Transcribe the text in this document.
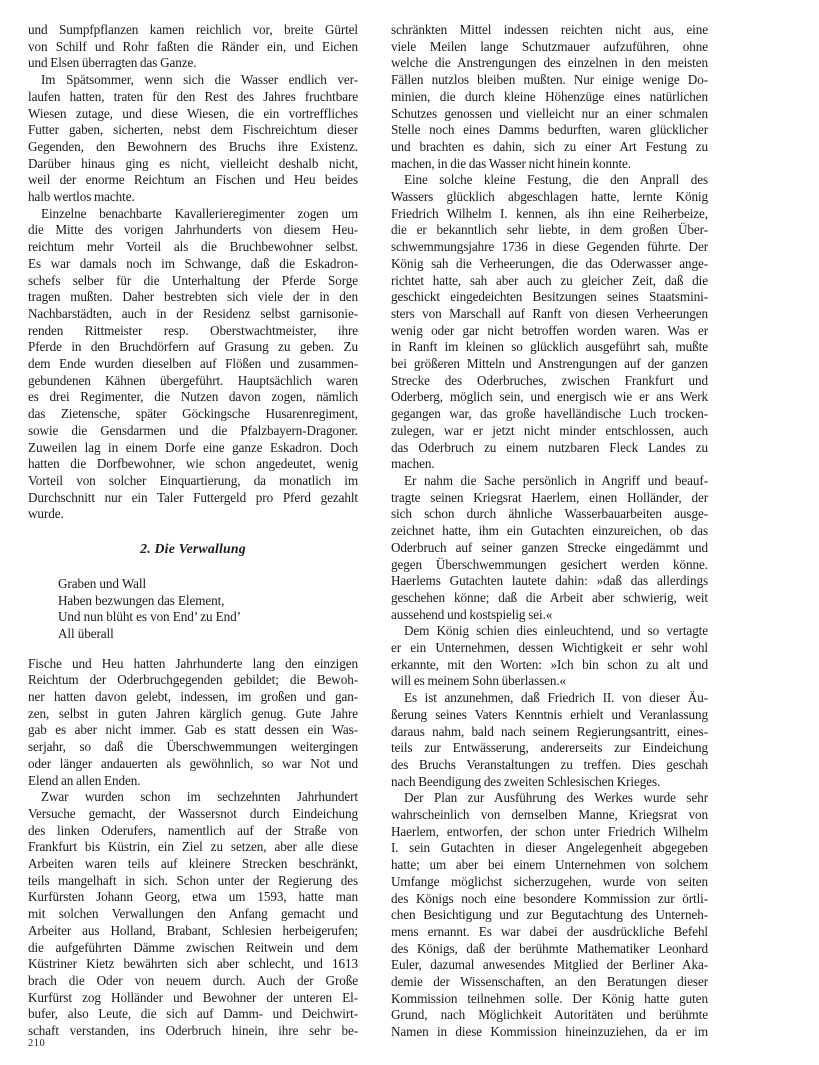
und Sumpfpflanzen kamen reichlich vor, breite Gürtel
von Schilf und Rohr faßten die Ränder ein, und Eichen
und Elsen überragten das Ganze.
Im Spätsommer, wenn sich die Wasser endlich ver-
laufen hatten, traten für den Rest des Jahres fruchtbare
Wiesen zutage, und diese Wiesen, die ein vortreffliches
Futter gaben, sicherten, nebst dem Fischreichtum dieser
Gegenden, den Bewohnern des Bruchs ihre Existenz.
Darüber hinaus ging es nicht, vielleicht deshalb nicht,
weil der enorme Reichtum an Fischen und Heu beides
halb wertlos machte.
Einzelne benachbarte Kavallerieregimenter zogen um
die Mitte des vorigen Jahrhunderts von diesem Heu-
reichtum mehr Vorteil als die Bruchbewohner selbst.
Es war damals noch im Schwange, daß die Eskadron-
schefs selber für die Unterhaltung der Pferde Sorge
tragen mußten. Daher bestrebten sich viele der in den
Nachbarstädten, auch in der Residenz selbst garnisonie-
renden Rittmeister resp. Oberstwachtmeister, ihre
Pferde in den Bruchdörfern auf Grasung zu geben. Zu
dem Ende wurden dieselben auf Flößen und zusammen-
gebundenen Kähnen übergeführt. Hauptsächlich waren
es drei Regimenter, die Nutzen davon zogen, nämlich
das Zietensche, später Göckingsche Husarenregiment,
sowie die Gensdarmen und die Pfalzbayern-Dragoner.
Zuweilen lag in einem Dorfe eine ganze Eskadron. Doch
hatten die Dorfbewohner, wie schon angedeutet, wenig
Vorteil von solcher Einquartierung, da monatlich im
Durchschnitt nur ein Taler Futtergeld pro Pferd gezahlt
wurde.
2. Die Verwallung
Graben und Wall
Haben bezwungen das Element,
Und nun blüht es von End’ zu End’
All überall
Fische und Heu hatten Jahrhunderte lang den einzigen
Reichtum der Oderbruchgegenden gebildet; die Bewoh-
ner hatten davon gelebt, indessen, im großen und gan-
zen, selbst in guten Jahren kärglich genug. Gute Jahre
gab es aber nicht immer. Gab es statt dessen ein Was-
serjahr, so daß die Überschwemmungen weitergingen
oder länger andauerten als gewöhnlich, so war Not und
Elend an allen Enden.
Zwar wurden schon im sechzehnten Jahrhundert
Versuche gemacht, der Wassersnot durch Eindeichung
des linken Oderufers, namentlich auf der Straße von
Frankfurt bis Küstrin, ein Ziel zu setzen, aber alle diese
Arbeiten waren teils auf kleinere Strecken beschränkt,
teils mangelhaft in sich. Schon unter der Regierung des
Kurfürsten Johann Georg, etwa um 1593, hatte man
mit solchen Verwallungen den Anfang gemacht und
Arbeiter aus Holland, Brabant, Schlesien herbeigerufen;
die aufgeführten Dämme zwischen Reitwein und dem
Küstriner Kietz bewährten sich aber schlecht, und 1613
brach die Oder von neuem durch. Auch der Große
Kurfürst zog Holländer und Bewohner der unteren El-
bufer, also Leute, die sich auf Damm- und Deichwirt-
schaft verstanden, ins Oderbruch hinein, ihre sehr be-
schränkten Mittel indessen reichten nicht aus, eine
viele Meilen lange Schutzmauer aufzuführen, ohne
welche die Anstrengungen des einzelnen in den meisten
Fällen nutzlos bleiben mußten. Nur einige wenige Do-
minien, die durch kleine Höhenzüge eines natürlichen
Schutzes genossen und vielleicht nur an einer schmalen
Stelle noch eines Damms bedurften, waren glücklicher
und brachten es dahin, sich zu einer Art Festung zu
machen, in die das Wasser nicht hinein konnte.
Eine solche kleine Festung, die den Anprall des
Wassers glücklich abgeschlagen hatte, lernte König
Friedrich Wilhelm I. kennen, als ihn eine Reiherbeize,
die er bekanntlich sehr liebte, in dem großen Über-
schwemmungsjahre 1736 in diese Gegenden führte. Der
König sah die Verheerungen, die das Oderwasser ange-
richtet hatte, sah aber auch zu gleicher Zeit, daß die
geschickt eingedeichten Besitzungen seines Staatsmini-
sters von Marschall auf Ranft von diesen Verheerungen
wenig oder gar nicht betroffen worden waren. Was er
in Ranft im kleinen so glücklich ausgeführt sah, mußte
bei größeren Mitteln und Anstrengungen auf der ganzen
Strecke des Oderbruches, zwischen Frankfurt und
Oderberg, möglich sein, und energisch wie er ans Werk
gegangen war, das große havelländische Luch trocken-
zulegen, war er jetzt nicht minder entschlossen, auch
das Oderbruch zu einem nutzbaren Fleck Landes zu
machen.
Er nahm die Sache persönlich in Angriff und beauf-
tragte seinen Kriegsrat Haerlem, einen Holländer, der
sich schon durch ähnliche Wasserbauarbeiten ausge-
zeichnet hatte, ihm ein Gutachten einzureichen, ob das
Oderbruch auf seiner ganzen Strecke eingedämmt und
gegen Überschwemmungen gesichert werden könne.
Haerlems Gutachten lautete dahin: »daß das allerdings
geschehen könne; daß die Arbeit aber schwierig, weit
aussehend und kostspielig sei.«
Dem König schien dies einleuchtend, und so vertagte
er ein Unternehmen, dessen Wichtigkeit er sehr wohl
erkannte, mit den Worten: »Ich bin schon zu alt und
will es meinem Sohn überlassen.«
Es ist anzunehmen, daß Friedrich II. von dieser Äu-
ßerung seines Vaters Kenntnis erhielt und Veranlassung
daraus nahm, bald nach seinem Regierungsantritt, eines-
teils zur Entwässerung, andererseits zur Eindeichung
des Bruchs Veranstaltungen zu treffen. Dies geschah
nach Beendigung des zweiten Schlesischen Krieges.
Der Plan zur Ausführung des Werkes wurde sehr
wahrscheinlich von demselben Manne, Kriegsrat von
Haerlem, entworfen, der schon unter Friedrich Wilhelm
I. sein Gutachten in dieser Angelegenheit abgegeben
hatte; um aber bei einem Unternehmen von solchem
Umfange möglichst sicherzugehen, wurde von seiten
des Königs noch eine besondere Kommission zur örtli-
chen Besichtigung und zur Begutachtung des Unterneh-
mens ernannt. Es war dabei der ausdrückliche Befehl
des Königs, daß der berühmte Mathematiker Leonhard
Euler, dazumal anwesendes Mitglied der Berliner Aka-
demie der Wissenschaften, an den Beratungen dieser
Kommission teilnehmen solle. Der König hatte guten
Grund, nach Möglichkeit Autoritäten und berühmte
Namen in diese Kommission hineinzuziehen, da er im
210
